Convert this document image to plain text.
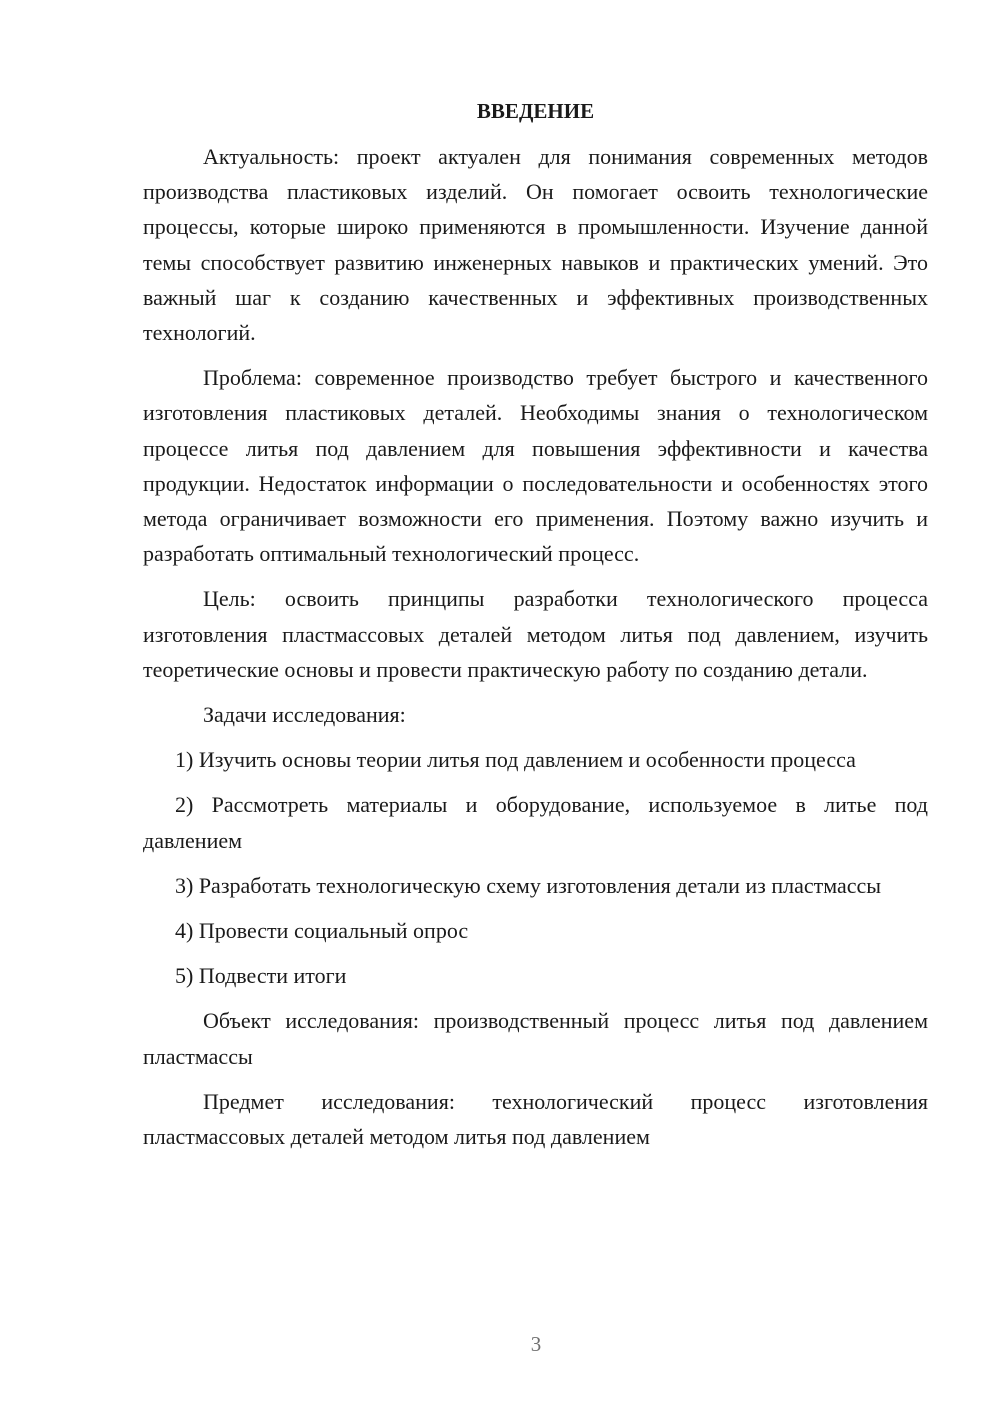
ВВЕДЕНИЕ

Актуальность: проект актуален для понимания современных методов производства пластиковых изделий. Он помогает освоить технологические процессы, которые широко применяются в промышленности. Изучение данной темы способствует развитию инженерных навыков и практических умений. Это важный шаг к созданию качественных и эффективных производственных технологий.

Проблема: современное производство требует быстрого и качественного изготовления пластиковых деталей. Необходимы знания о технологическом процессе литья под давлением для повышения эффективности и качества продукции. Недостаток информации о последовательности и особенностях этого метода ограничивает возможности его применения. Поэтому важно изучить и разработать оптимальный технологический процесс.

Цель: освоить принципы разработки технологического процесса изготовления пластмассовых деталей методом литья под давлением, изучить теоретические основы и провести практическую работу по созданию детали.

Задачи исследования:

1) Изучить основы теории литья под давлением и особенности процесса

2) Рассмотреть материалы и оборудование, используемое в литье под давлением

3) Разработать технологическую схему изготовления детали из пластмассы

4) Провести социальный опрос

5) Подвести итоги

Объект исследования: производственный процесс литья под давлением пластмассы

Предмет исследования: технологический процесс изготовления пластмассовых деталей методом литья под давлением

3
